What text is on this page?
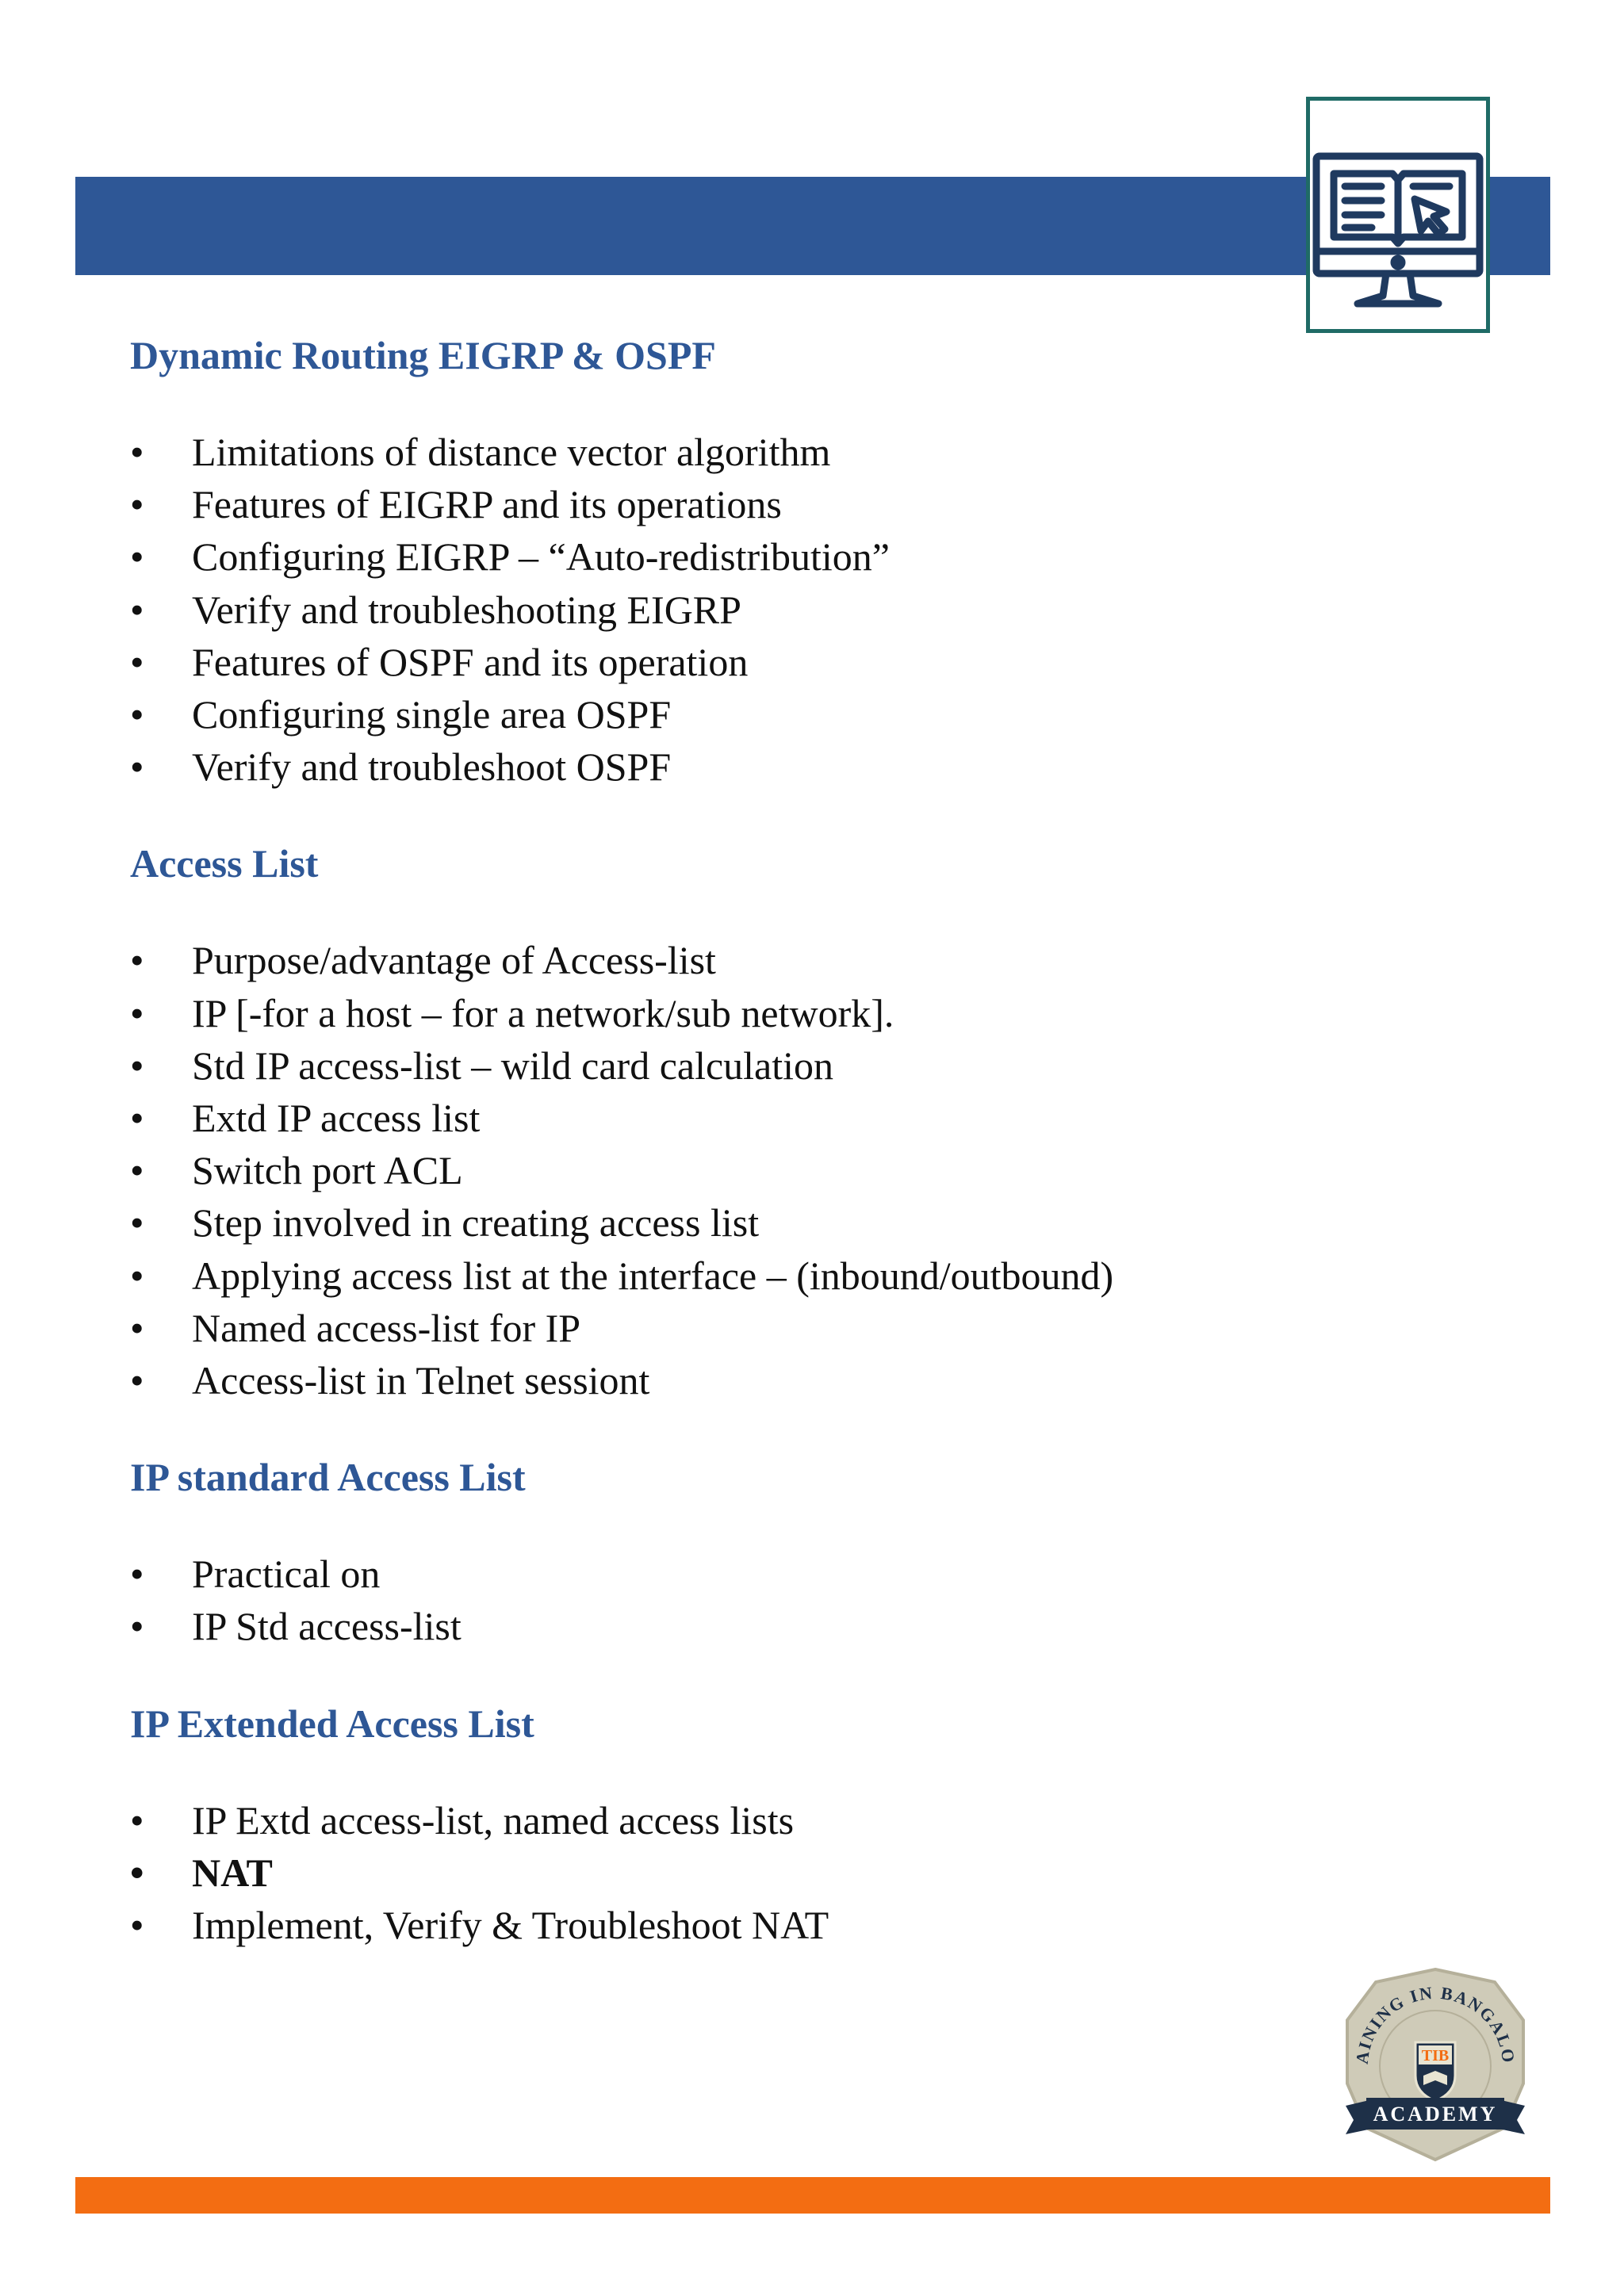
Dynamic Routing EIGRP & OSPF
• Limitations of distance vector algorithm
• Features of EIGRP and its operations
• Configuring EIGRP – “Auto-redistribution”
• Verify and troubleshooting EIGRP
• Features of OSPF and its operation
• Configuring single area OSPF
• Verify and troubleshoot OSPF
Access List
• Purpose/advantage of Access-list
• IP [-for a host – for a network/sub network].
• Std IP access-list – wild card calculation
• Extd IP access list
• Switch port ACL
• Step involved in creating access list
• Applying access list at the interface – (inbound/outbound)
• Named access-list for IP
• Access-list in Telnet sessiont
IP standard Access List
• Practical on
• IP Std access-list
IP Extended Access List
• IP Extd access-list, named access lists
• NAT
• Implement, Verify & Troubleshoot NAT
AINING IN BANGALO
TIB
ACADEMY
